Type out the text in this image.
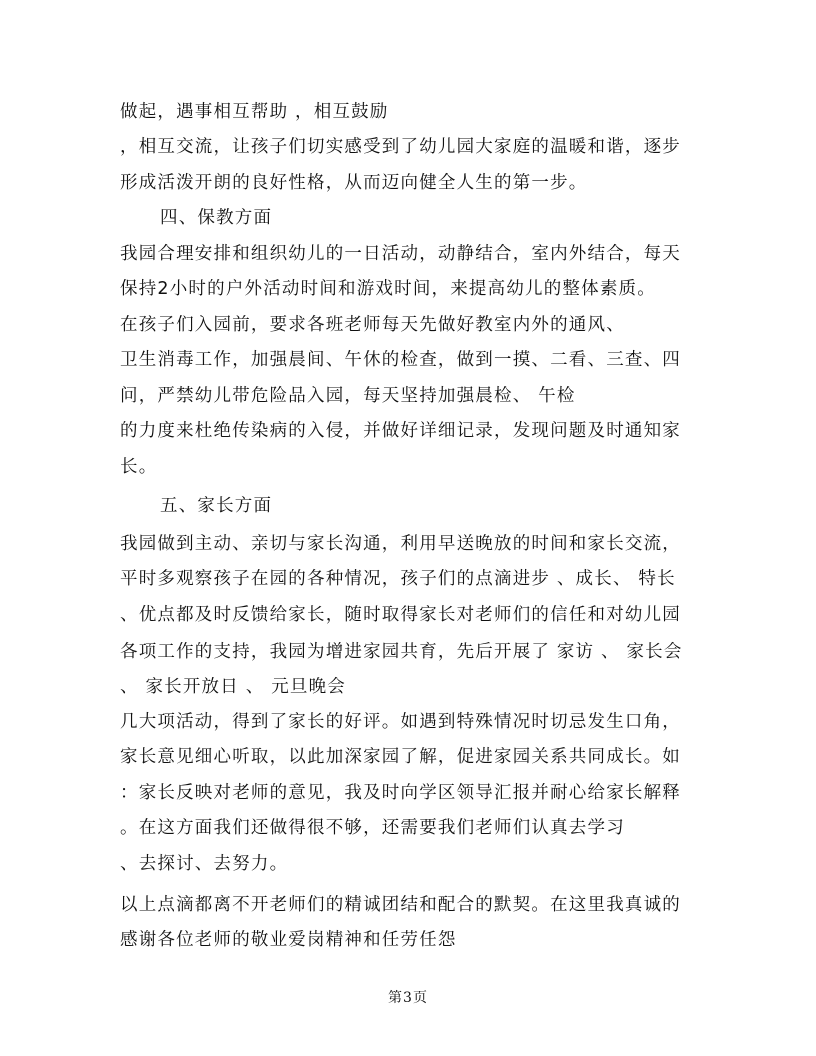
做起，遇事相互帮助 ，相互鼓励
，相互交流，让孩子们切实感受到了幼儿园大家庭的温暖和谐，逐步
形成活泼开朗的良好性格，从而迈向健全人生的第一步。
四、保教方面
我园合理安排和组织幼儿的一日活动，动静结合，室内外结合，每天
保持2小时的户外活动时间和游戏时间，来提高幼儿的整体素质。
在孩子们入园前，要求各班老师每天先做好教室内外的通风、
卫生消毒工作，加强晨间、午休的检查，做到一摸、二看、三查、四
问，严禁幼儿带危险品入园，每天坚持加强晨检、 午检
的力度来杜绝传染病的入侵，并做好详细记录，发现问题及时通知家
长。
五、家长方面
我园做到主动、亲切与家长沟通，利用早送晚放的时间和家长交流，
平时多观察孩子在园的各种情况，孩子们的点滴进步 、成长、 特长
、优点都及时反馈给家长，随时取得家长对老师们的信任和对幼儿园
各项工作的支持，我园为增进家园共育，先后开展了 家访 、 家长会
、 家长开放日 、 元旦晚会
几大项活动，得到了家长的好评。如遇到特殊情况时切忌发生口角，
家长意见细心听取，以此加深家园了解，促进家园关系共同成长。如
：家长反映对老师的意见，我及时向学区领导汇报并耐心给家长解释
。在这方面我们还做得很不够，还需要我们老师们认真去学习
、去探讨、去努力。
以上点滴都离不开老师们的精诚团结和配合的默契。在这里我真诚的
感谢各位老师的敬业爱岗精神和任劳任怨
第3页
